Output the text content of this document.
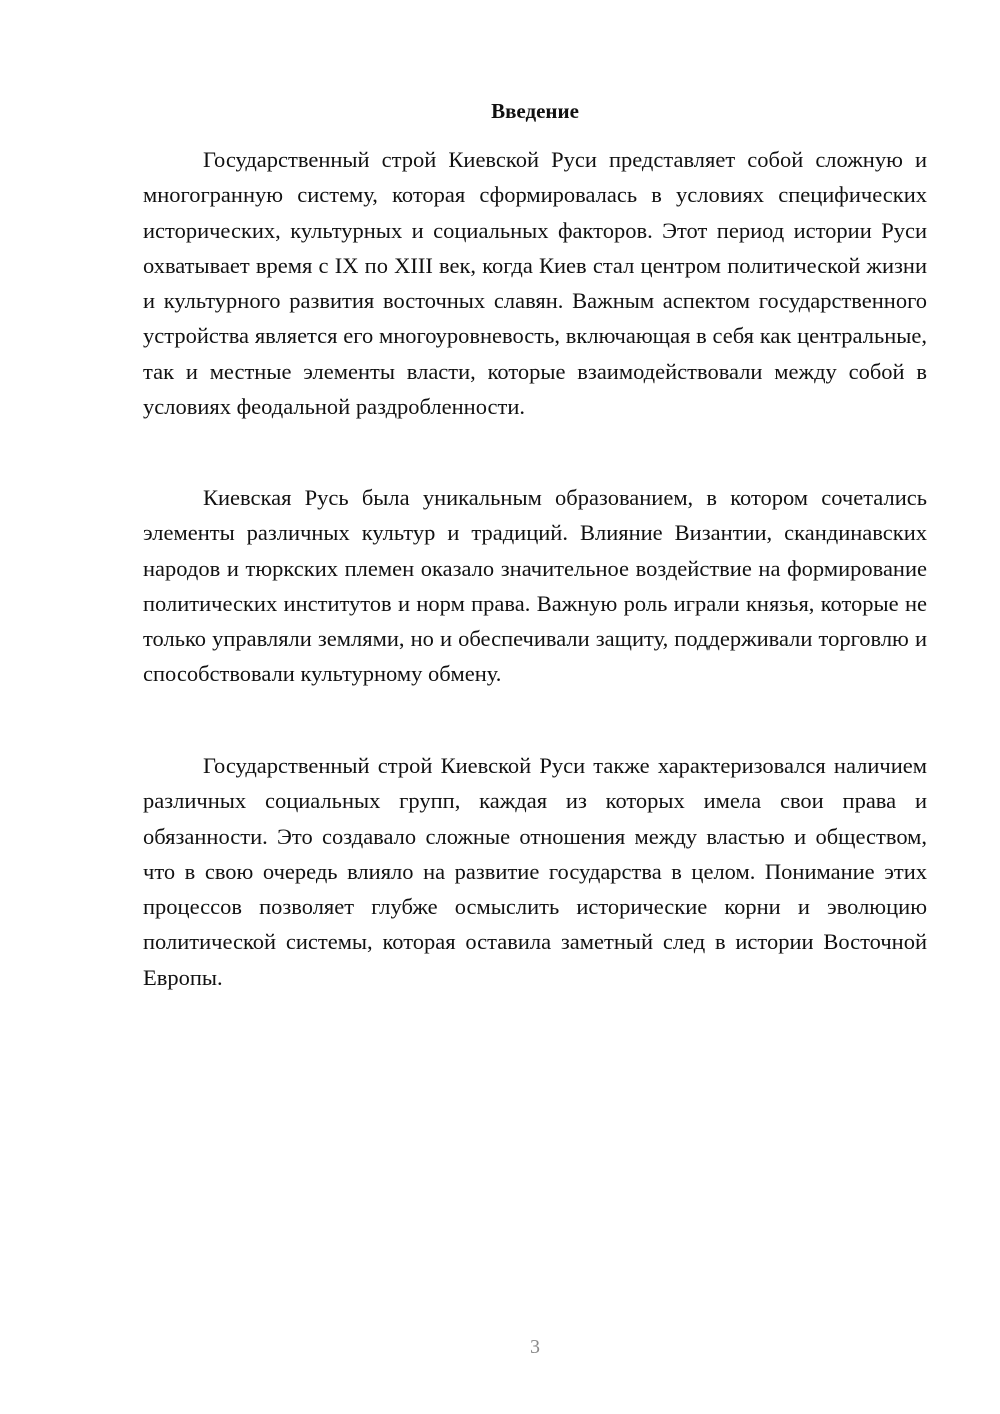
Введение

Государственный строй Киевской Руси представляет собой сложную и многогранную систему, которая сформировалась в условиях специфических исторических, культурных и социальных факторов. Этот период истории Руси охватывает время с IX по XIII век, когда Киев стал центром политической жизни и культурного развития восточных славян. Важным аспектом государственного устройства является его многоуровневость, включающая в себя как центральные, так и местные элементы власти, которые взаимодействовали между собой в условиях феодальной раздробленности.

Киевская Русь была уникальным образованием, в котором сочетались элементы различных культур и традиций. Влияние Византии, скандинавских народов и тюркских племен оказало значительное воздействие на формирование политических институтов и норм права. Важную роль играли князья, которые не только управляли землями, но и обеспечивали защиту, поддерживали торговлю и способствовали культурному обмену.

Государственный строй Киевской Руси также характеризовался наличием различных социальных групп, каждая из которых имела свои права и обязанности. Это создавало сложные отношения между властью и обществом, что в свою очередь влияло на развитие государства в целом. Понимание этих процессов позволяет глубже осмыслить исторические корни и эволюцию политической системы, которая оставила заметный след в истории Восточной Европы.

3
